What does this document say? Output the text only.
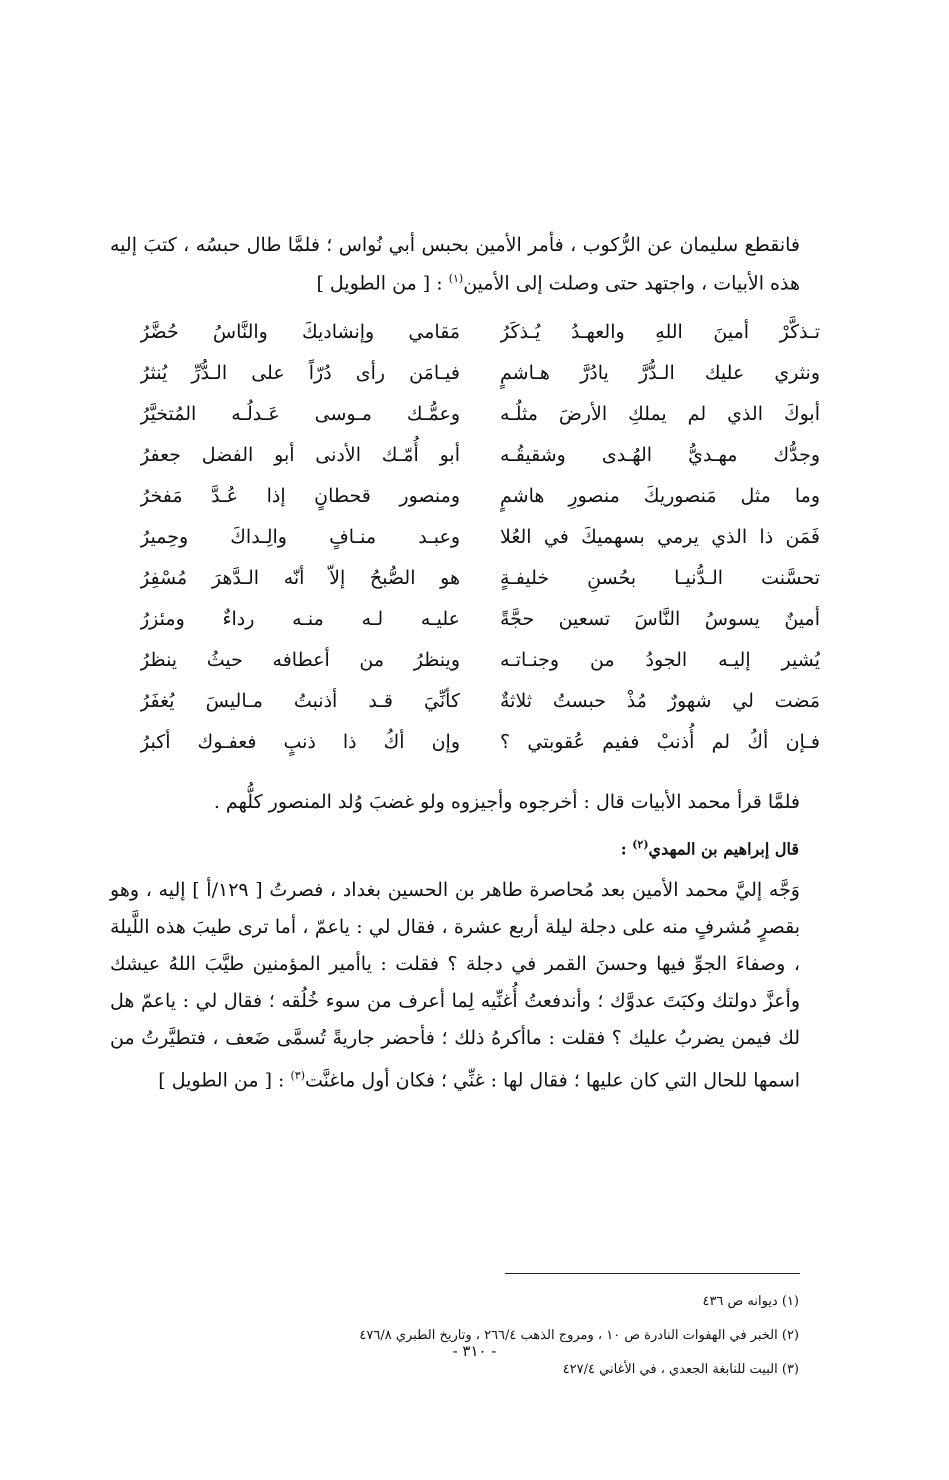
فانقطع سليمان عن الرُّكوب ، فأمر الأمين بحبس أبي نُواس ؛ فلمَّا طال حبسُه ، كتبَ إليه هذه الأبيات ، واجتهد حتى وصلت إلى الأمين$^{(١)}$ : [ من الطويل ]
تـذكَّرْ أمينَ اللهِ والعهـدُ يُـذكَرُ
مَقامي وإنشاديكَ والنَّاسُ حُضَّرُ
ونثري عليك الـدُّرَّ يادُرَّ هـاشمٍ
فيـامَن رأى دُرّاً على الـدُّرِّ يُنثرُ
أبوكَ الذي لم يملكِ الأرضَ مثلُـه
وعمُّـك مـوسى عَـدلُـه المُتخيَّرُ
وجدُّك مهـديُّ الهُـدى وشقيقُـه
أبو أُمّـك الأدنى أبو الفضل جعفرُ
وما مثل مَنصوريكَ منصورِ هاشمٍ
ومنصور قحطانٍ إذا عُـدَّ مَفخرُ
فَمَن ذا الذي يرمي بسهميكَ في العُلا
وعبـد منـافٍ والِـداكَ وحِميرُ
تحسَّنت الـدُّنيـا بحُسنِ خليفـةٍ
هو الصُّبحُ إلاّ أنّه الـدَّهرَ مُسْفِرُ
أمينٌ يسوسُ النَّاسَ تسعين حجَّةً
عليـه لـه منـه رداءٌ ومئزرُ
يُشير إليـه الجودُ من وجنـاتـه
وينظرُ من أعطافه حيثُ ينظرُ
مَضت لي شهورٌ مُذْ حبستُ ثلاثةٌ
كأنِّيَ قـد أذنبتُ مـاليسَ يُغفَرُ
فـإن أكُ لم أُذنبْ ففيم عُقوبتي ؟
وإن أكُ ذا ذنبٍ فعفـوك أكبرُ
فلمَّا قرأ محمد الأبيات قال : أخرجوه وأجيزوه ولو غضبَ وُلد المنصور كلُّهم .
قال إبراهيم بن المهدي$^{(٢)}$ :
وَجَّه إليَّ محمد الأمين بعد مُحاصرة طاهر بن الحسين بغداد ، فصرتُ [ ١٢٩/أ ] إليه ، وهو بقصرٍ مُشرفٍ منه على دجلة ليلة أربع عشرة ، فقال لي : ياعمّ ، أما ترى طيبَ هذه اللَّيلة ، وصفاءَ الجوِّ فيها وحسنَ القمر في دجلة ؟ فقلت : ياأمير المؤمنين طيَّبَ اللهُ عيشك وأعزَّ دولتك وكبَتَ عدوَّك ؛ وأندفعتُ أُغنِّيه لِما أعرف من سوء خُلُقه ؛ فقال لي : ياعمّ هل لك فيمن يضربُ عليك ؟ فقلت : ماأكرهُ ذلك ؛ فأحضر جاريةً تُسمَّى ضَعف ، فتطيَّرتُ من اسمها للحال التي كان عليها ؛ فقال لها : غنِّي ؛ فكان أول ماغنَّت$^{(٣)}$ : [ من الطويل ]
(١) ديوانه ص ٤٣٦
(٢) الخبر في الهفوات النادرة ص ١٠ ، ومروج الذهب ٢٦٦/٤ ، وتاريخ الطبري ٤٧٦/٨
(٣) البيت للنابغة الجعدي ، في الأغاني ٤٢٧/٤
- ٣١٠ -
